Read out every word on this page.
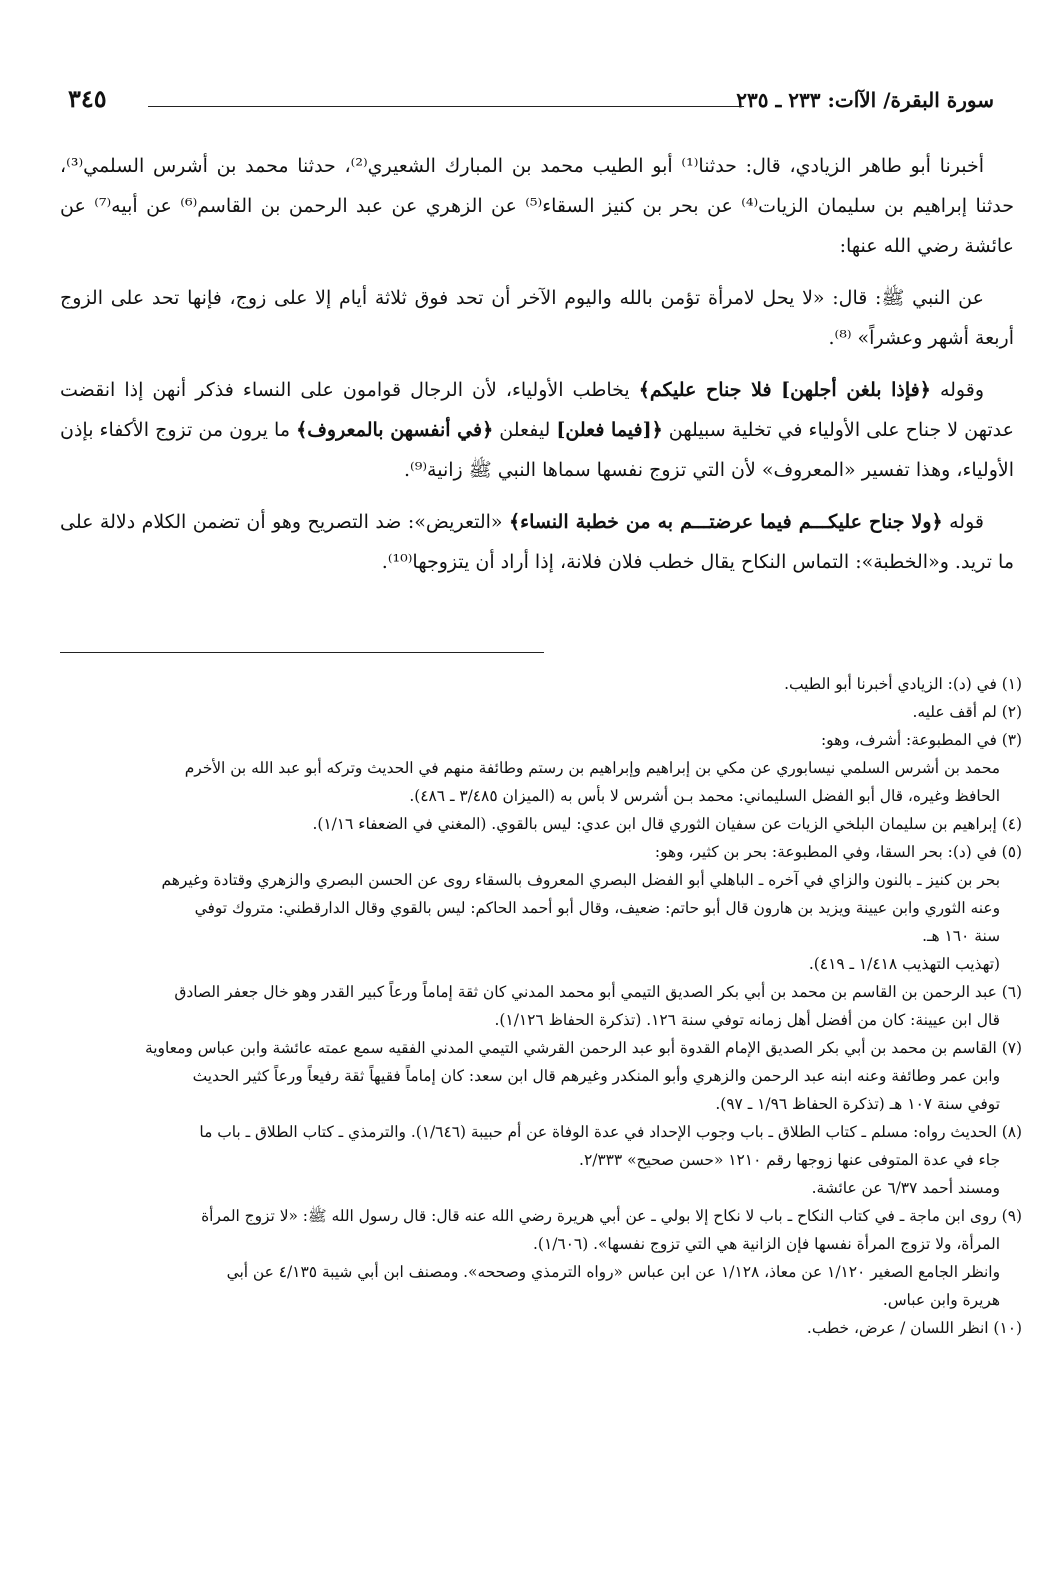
سورة البقرة/ الآات: ٢٣٣ ـ ٢٣٥
٣٤٥

أخبرنا أبو طاهر الزيادي، قال: حدثنا⁽¹⁾ أبو الطيب محمد بن المبارك الشعيري⁽²⁾، حدثنا محمد بن أشرس السلمي⁽³⁾، حدثنا إبراهيم بن سليمان الزيات⁽⁴⁾ عن بحر بن كنيز السقاء⁽⁵⁾ عن الزهري عن عبد الرحمن بن القاسم⁽⁶⁾ عن أبيه⁽⁷⁾ عن عائشة رضي الله عنها:

عن النبي ﷺ: قال: «لا يحل لامرأة تؤمن بالله واليوم الآخر أن تحد فوق ثلاثة أيام إلا على زوج، فإنها تحد على الزوج أربعة أشهر وعشراً» ⁽⁸⁾.

وقوله ﴿فإذا بلغن أجلهن] فلا جناح عليكم﴾ يخاطب الأولياء، لأن الرجال قوامون على النساء فذكر أنهن إذا انقضت عدتهن لا جناح على الأولياء في تخلية سبيلهن ﴿[فيما فعلن] ليفعلن ﴿في أنفسهن بالمعروف﴾ ما يرون من تزوج الأكفاء بإذن الأولياء، وهذا تفسير «المعروف» لأن التي تزوج نفسها سماها النبي ﷺ زانية⁽⁹⁾.

قوله ﴿ولا جناح عليكـــم فيما عرضتـــم به من خطبة النساء﴾ «التعريض»: ضد التصريح وهو أن تضمن الكلام دلالة على ما تريد. و«الخطبة»: التماس النكاح يقال خطب فلان فلانة، إذا أراد أن يتزوجها⁽¹⁰⁾.

(١) في (د): الزيادي أخبرنا أبو الطيب.
(٢) لم أقف عليه.
(٣) في المطبوعة: أشرف، وهو:
محمد بن أشرس السلمي نيسابوري عن مكي بن إبراهيم وإبراهيم بن رستم وطائفة منهم في الحديث وتركه أبو عبد الله بن الأخرم
الحافظ وغيره، قال أبو الفضل السليماني: محمد بـن أشرس لا بأس به (الميزان ٣/٤٨٥ ـ ٤٨٦).
(٤) إبراهيم بن سليمان البلخي الزيات عن سفيان الثوري قال ابن عدي: ليس بالقوي. (المغني في الضعفاء ١/١٦).
(٥) في (د): بحر السقا، وفي المطبوعة: بحر بن كثير، وهو:
بحر بن كنيز ـ بالنون والزاي في آخره ـ الباهلي أبو الفضل البصري المعروف بالسقاء روى عن الحسن البصري والزهري وقتادة وغيرهم
وعنه الثوري وابن عيينة ويزيد بن هارون قال أبو حاتم: ضعيف، وقال أبو أحمد الحاكم: ليس بالقوي وقال الدارقطني: متروك توفي
سنة ١٦٠ هـ.
(تهذيب التهذيب ١/٤١٨ ـ ٤١٩).
(٦) عبد الرحمن بن القاسم بن محمد بن أبي بكر الصديق التيمي أبو محمد المدني كان ثقة إماماً ورعاً كبير القدر وهو خال جعفر الصادق
قال ابن عيينة: كان من أفضل أهل زمانه توفي سنة ١٢٦. (تذكرة الحفاظ ١/١٢٦).
(٧) القاسم بن محمد بن أبي بكر الصديق الإمام القدوة أبو عبد الرحمن القرشي التيمي المدني الفقيه سمع عمته عائشة وابن عباس ومعاوية
وابن عمر وطائفة وعنه ابنه عبد الرحمن والزهري وأبو المنكدر وغيرهم قال ابن سعد: كان إماماً فقيهاً ثقة رفيعاً ورعاً كثير الحديث
توفي سنة ١٠٧ هـ (تذكرة الحفاظ ١/٩٦ ـ ٩٧).
(٨) الحديث رواه: مسلم ـ كتاب الطلاق ـ باب وجوب الإحداد في عدة الوفاة عن أم حبيبة (١/٦٤٦). والترمذي ـ كتاب الطلاق ـ باب ما
جاء في عدة المتوفى عنها زوجها رقم ١٢١٠ «حسن صحيح» ٢/٣٣٣.
ومسند أحمد ٦/٣٧ عن عائشة.
(٩) روى ابن ماجة ـ في كتاب النكاح ـ باب لا نكاح إلا بولي ـ عن أبي هريرة رضي الله عنه قال: قال رسول الله ﷺ: «لا تزوج المرأة
المرأة، ولا تزوج المرأة نفسها فإن الزانية هي التي تزوج نفسها». (١/٦٠٦).
وانظر الجامع الصغير ١/١٢٠ عن معاذ، ١/١٢٨ عن ابن عباس «رواه الترمذي وصححه». ومصنف ابن أبي شيبة ٤/١٣٥ عن أبي
هريرة وابن عباس.
(١٠) انظر اللسان / عرض، خطب.
